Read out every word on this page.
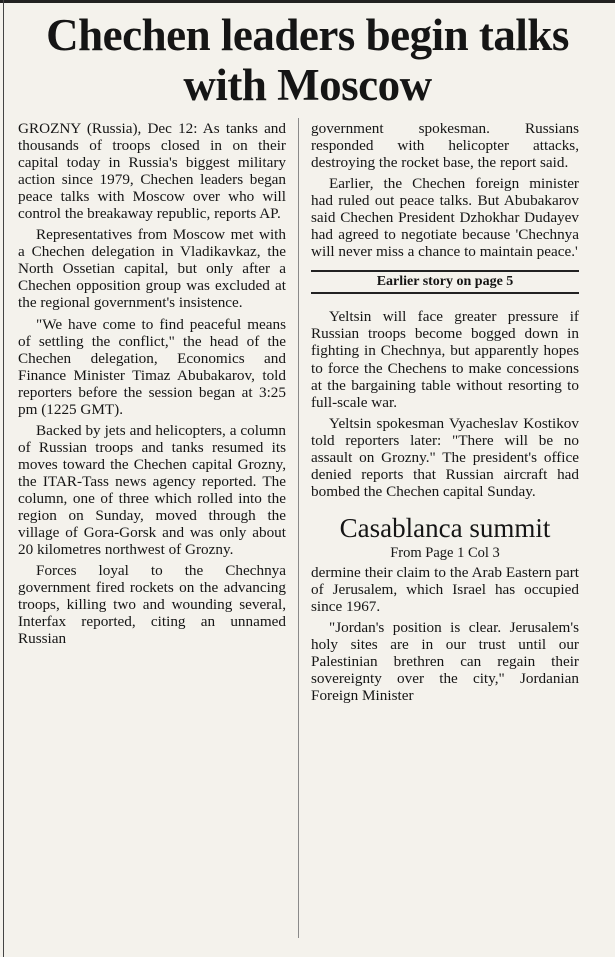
Chechen leaders begin talks with Moscow

GROZNY (Russia), Dec 12: As tanks and thousands of troops closed in on their capital today in Russia's biggest military action since 1979, Chechen leaders began peace talks with Moscow over who will control the breakaway republic, reports AP.

Representatives from Moscow met with a Chechen delegation in Vladikavkaz, the North Ossetian capital, but only after a Chechen opposition group was excluded at the regional government's insistence.

"We have come to find peaceful means of settling the conflict," the head of the Chechen delegation, Economics and Finance Minister Timaz Abubakarov, told reporters before the session began at 3:25 pm (1225 GMT).

Backed by jets and helicopters, a column of Russian troops and tanks resumed its moves toward the Chechen capital Grozny, the ITAR-Tass news agency reported. The column, one of three which rolled into the region on Sunday, moved through the village of Gora-Gorsk and was only about 20 kilometres northwest of Grozny.

Forces loyal to the Chechnya government fired rockets on the advancing troops, killing two and wounding several, Interfax reported, citing an unnamed Russian

government spokesman. Russians responded with helicopter attacks, destroying the rocket base, the report said.

Earlier, the Chechen foreign minister had ruled out peace talks. But Abubakarov said Chechen President Dzhokhar Dudayev had agreed to negotiate because 'Chechnya will never miss a chance to maintain peace.'

Earlier story on page 5

Yeltsin will face greater pressure if Russian troops become bogged down in fighting in Chechnya, but apparently hopes to force the Chechens to make concessions at the bargaining table without resorting to full-scale war.

Yeltsin spokesman Vyacheslav Kostikov told reporters later: "There will be no assault on Grozny." The president's office denied reports that Russian aircraft had bombed the Chechen capital Sunday.

Casablanca summit
From Page 1 Col 3

dermine their claim to the Arab Eastern part of Jerusalem, which Israel has occupied since 1967.

"Jordan's position is clear. Jerusalem's holy sites are in our trust until our Palestinian brethren can regain their sovereignty over the city," Jordanian Foreign Minister
